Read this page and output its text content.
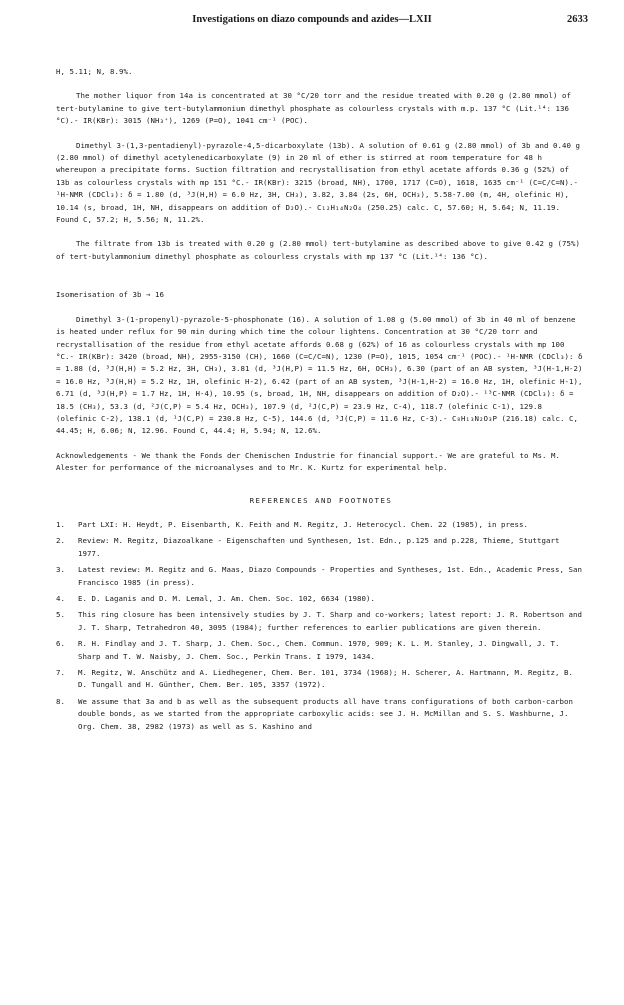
Investigations on diazo compounds and azides—LXII	2633

H, 5.11; N, 8.9%.

The mother liquor from 14a is concentrated at 30 °C/20 torr and the residue treated with 0.20 g (2.80 mmol) of tert-butylamine to give tert-butylammonium dimethyl phosphate as colourless crystals with m.p. 137 °C (Lit.¹⁴: 136 °C).- IR(KBr): 3015 (NH₃⁺), 1269 (P=O), 1041 cm⁻¹ (POC).

Dimethyl 3-(1,3-pentadienyl)-pyrazole-4,5-dicarboxylate (13b). A solution of 0.61 g (2.80 mmol) of 3b and 0.40 g (2.80 mmol) of dimethyl acetylenedicarboxylate (9) in 20 ml of ether is stirred at room temperature for 48 h whereupon a precipitate forms. Suction filtration and recrystallisation from ethyl acetate affords 0.36 g (52%) of 13b as colourless crystals with mp 151 °C.- IR(KBr): 3215 (broad, NH), 1700, 1717 (C=O), 1618, 1635 cm⁻¹ (C=C/C=N).- ¹H-NMR (CDCl₃): δ = 1.80 (d, ³J(H,H) = 6.0 Hz, 3H, CH₃), 3.82, 3.84 (2s, 6H, OCH₃), 5.58-7.00 (m, 4H, olefinic H), 10.14 (s, broad, 1H, NH, disappears on addition of D₂O).- C₁₂H₁₄N₂O₄ (250.25) calc. C, 57.60; H, 5.64; N, 11.19. Found C, 57.2; H, 5.56; N, 11.2%.

The filtrate from 13b is treated with 0.20 g (2.80 mmol) tert-butylamine as described above to give 0.42 g (75%) of tert-butylammonium dimethyl phosphate as colourless crystals with mp 137 °C (Lit.¹⁴: 136 °C).

Isomerisation of 3b → 16

Dimethyl 3-(1-propenyl)-pyrazole-5-phosphonate (16). A solution of 1.08 g (5.00 mmol) of 3b in 40 ml of benzene is heated under reflux for 90 min during which time the colour lightens. Concentration at 30 °C/20 torr and recrystallisation of the residue from ethyl acetate affords 0.68 g (62%) of 16 as colourless crystals with mp 100 °C.- IR(KBr): 3420 (broad, NH), 2955-3150 (CH), 1660 (C=C/C=N), 1230 (P=O), 1015, 1054 cm⁻¹ (POC).- ¹H-NMR (CDCl₃): δ = 1.88 (d, ³J(H,H) = 5.2 Hz, 3H, CH₃), 3.81 (d, ³J(H,P) = 11.5 Hz, 6H, OCH₃), 6.30 (part of an AB system, ³J(H-1,H-2) = 16.0 Hz, ³J(H,H) = 5.2 Hz, 1H, olefinic H-2), 6.42 (part of an AB system, ³J(H-1,H-2) = 16.0 Hz, 1H, olefinic H-1), 6.71 (d, ³J(H,P) = 1.7 Hz, 1H, H-4), 10.95 (s, broad, 1H, NH, disappears on addition of D₂O).- ¹³C-NMR (CDCl₃): δ = 18.5 (CH₃), 53.3 (d, ²J(C,P) = 5.4 Hz, OCH₃), 107.9 (d, ²J(C,P) = 23.9 Hz, C-4), 118.7 (olefinic C-1), 129.8 (olefinic C-2), 138.1 (d, ¹J(C,P) = 230.8 Hz, C-5), 144.6 (d, ³J(C,P) = 11.6 Hz, C-3).- C₈H₁₃N₂O₃P (216.18) calc. C, 44.45; H, 6.06; N, 12.96. Found C, 44.4; H, 5.94; N, 12.6%.

Acknowledgements - We thank the Fonds der Chemischen Industrie for financial support.- We are grateful to Ms. M. Alester for performance of the microanalyses and to Mr. K. Kurtz for experimental help.

REFERENCES AND FOOTNOTES

1. Part LXI: H. Heydt, P. Eisenbarth, K. Feith and M. Regitz, J. Heterocycl. Chem. 22 (1985), in press.
2. Review: M. Regitz, Diazoalkane - Eigenschaften und Synthesen, 1st. Edn., p.125 and p.228, Thieme, Stuttgart 1977.
3. Latest review: M. Regitz and G. Maas, Diazo Compounds - Properties and Syntheses, 1st. Edn., Academic Press, San Francisco 1985 (in press).
4. E. D. Laganis and D. M. Lemal, J. Am. Chem. Soc. 102, 6634 (1980).
5. This ring closure has been intensively studies by J. T. Sharp and co-workers; latest report: J. R. Robertson and J. T. Sharp, Tetrahedron 40, 3095 (1984); further references to earlier publications are given therein.
6. R. H. Findlay and J. T. Sharp, J. Chem. Soc., Chem. Commun. 1970, 909; K. L. M. Stanley, J. Dingwall, J. T. Sharp and T. W. Naisby, J. Chem. Soc., Perkin Trans. I 1979, 1434.
7. M. Regitz, W. Anschütz and A. Liedhegener, Chem. Ber. 101, 3734 (1968); H. Scherer, A. Hartmann, M. Regitz, B. D. Tungall and H. Günther, Chem. Ber. 105, 3357 (1972).
8. We assume that 3a and b as well as the subsequent products all have trans configurations of both carbon-carbon double bonds, as we started from the appropriate carboxylic acids: see J. H. McMillan and S. S. Washburne, J. Org. Chem. 38, 2982 (1973) as well as S. Kashino and
